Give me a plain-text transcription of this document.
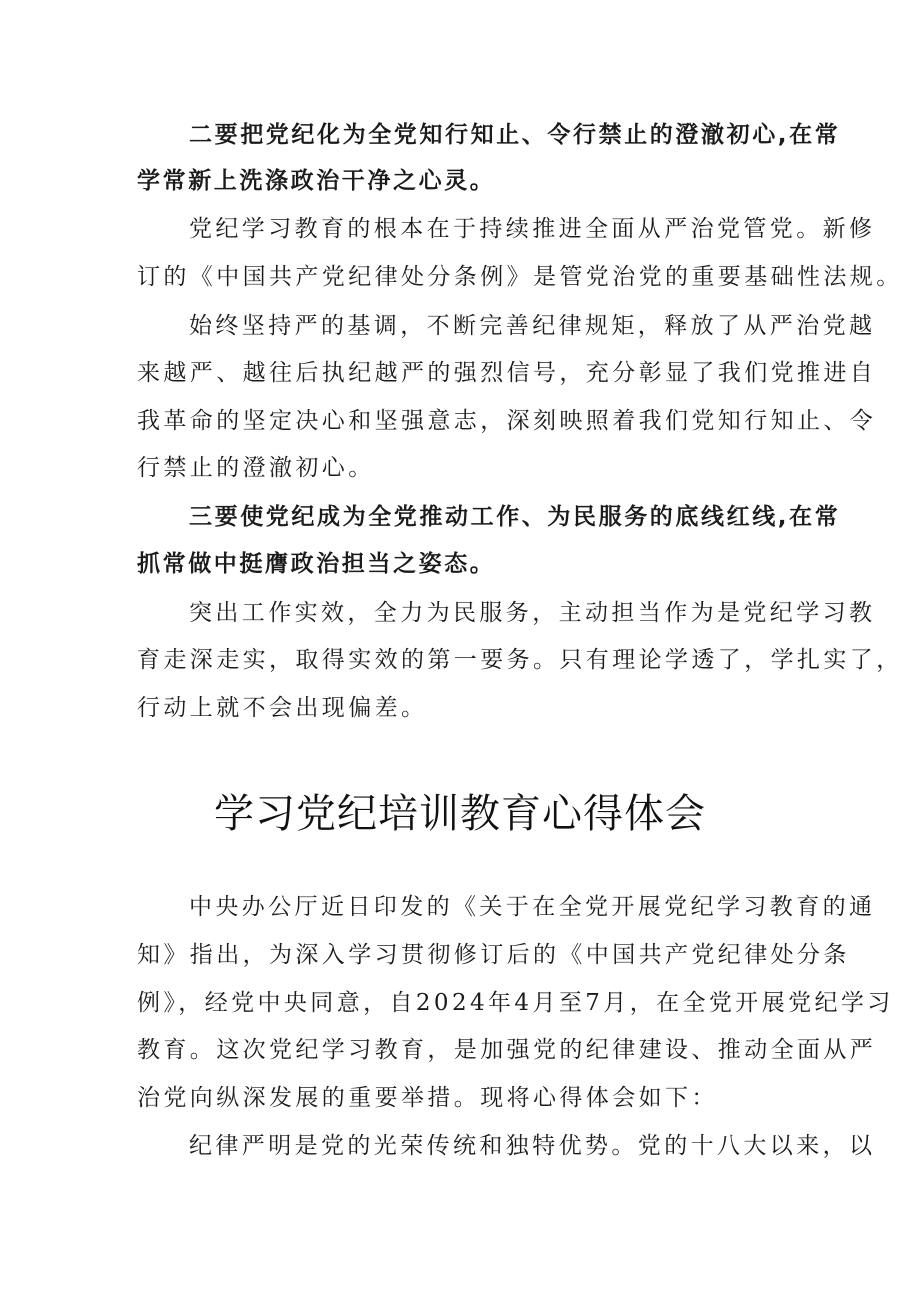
二要把党纪化为全党知行知止、令行禁止的澄澈初心,在常
学常新上洗涤政治干净之心灵。
党纪学习教育的根本在于持续推进全面从严治党管党。新修
订的《中国共产党纪律处分条例》是管党治党的重要基础性法规。
始终坚持严的基调，不断完善纪律规矩，释放了从严治党越
来越严、越往后执纪越严的强烈信号，充分彰显了我们党推进自
我革命的坚定决心和坚强意志，深刻映照着我们党知行知止、令
行禁止的澄澈初心。
三要使党纪成为全党推动工作、为民服务的底线红线,在常
抓常做中挺膺政治担当之姿态。
突出工作实效，全力为民服务，主动担当作为是党纪学习教
育走深走实，取得实效的第一要务。只有理论学透了，学扎实了，
行动上就不会出现偏差。
学习党纪培训教育心得体会
中央办公厅近日印发的《关于在全党开展党纪学习教育的通
知》指出，为深入学习贯彻修订后的《中国共产党纪律处分条
例》，经党中央同意，自2024年4月至7月，在全党开展党纪学习
教育。这次党纪学习教育，是加强党的纪律建设、推动全面从严
治党向纵深发展的重要举措。现将心得体会如下：
纪律严明是党的光荣传统和独特优势。党的十八大以来，以
